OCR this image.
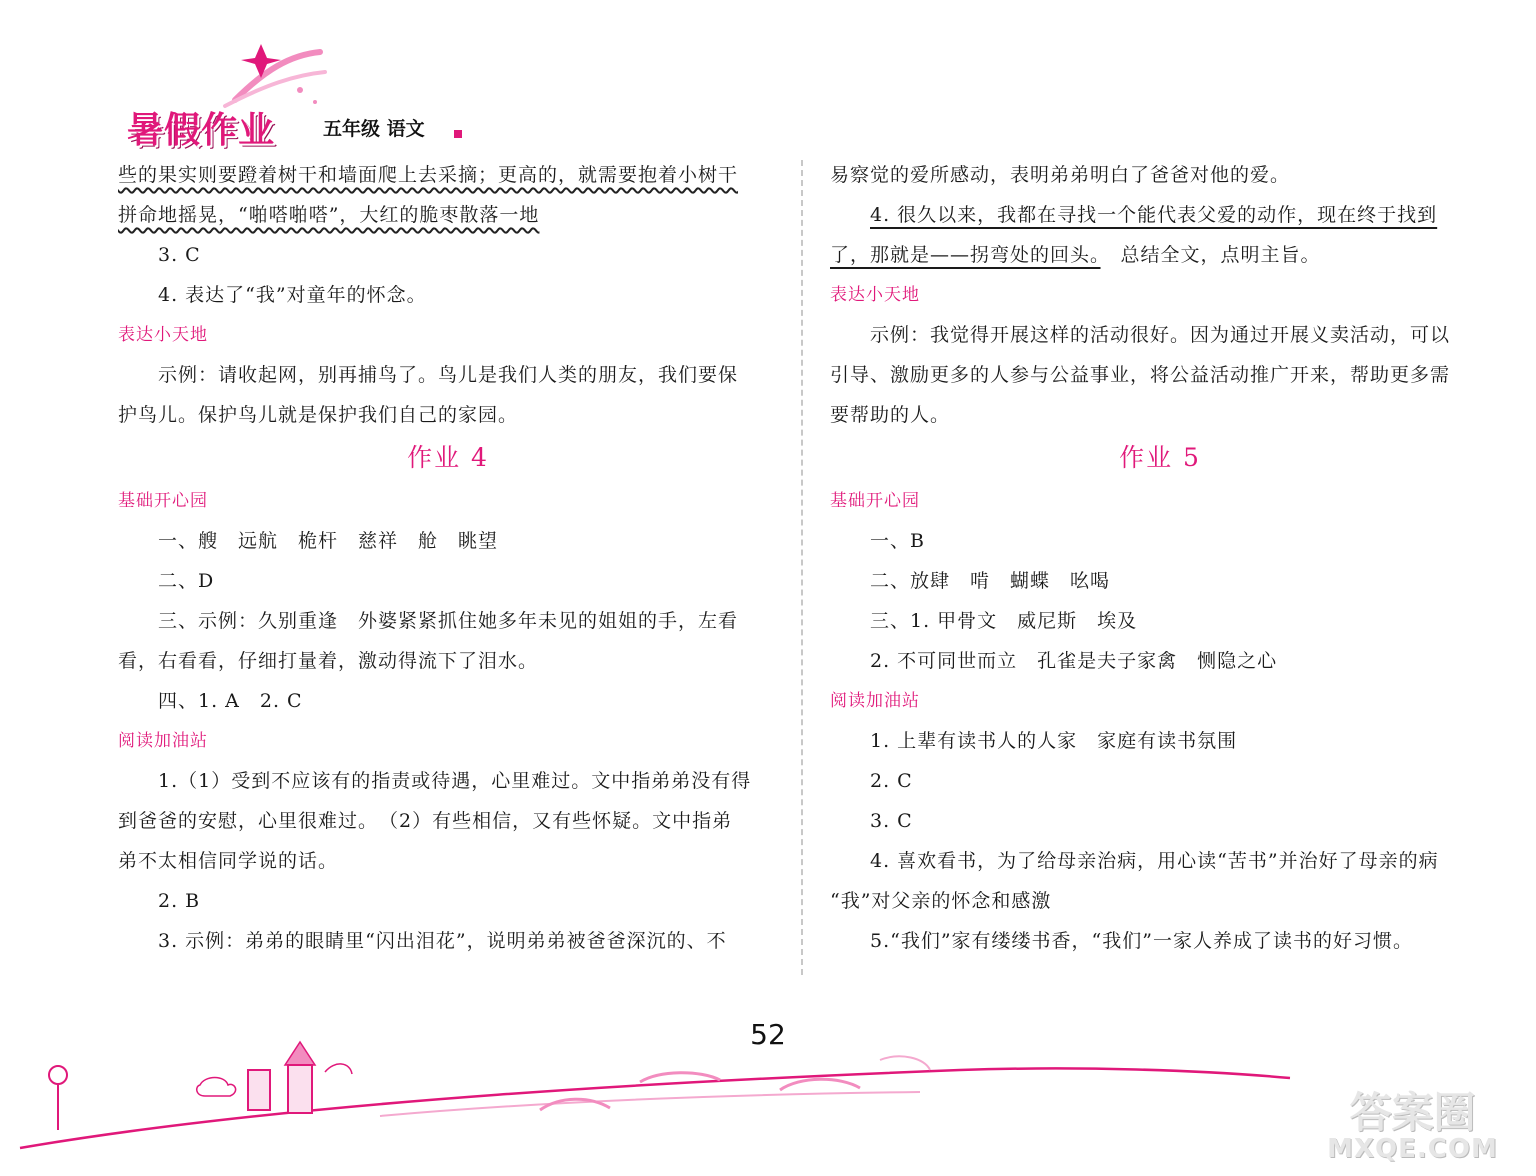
暑假作业	五年级 语文
些的果实则要蹬着树干和墙面爬上去采摘；更高的，就需要抱着小树干
拼命地摇晃，“啪嗒啪嗒”，大红的脆枣散落一地
3. C
4. 表达了“我”对童年的怀念。
表达小天地
示例：请收起网，别再捕鸟了。鸟儿是我们人类的朋友，我们要保
护鸟儿。保护鸟儿就是保护我们自己的家园。
作业 4
基础开心园
一、艘　远航　桅杆　慈祥　舱　眺望
二、D
三、示例：久别重逢　外婆紧紧抓住她多年未见的姐姐的手，左看
看，右看看，仔细打量着，激动得流下了泪水。
四、1. A　2. C
阅读加油站
1.（1）受到不应该有的指责或待遇，心里难过。文中指弟弟没有得
到爸爸的安慰，心里很难过。　（2）有些相信，又有些怀疑。文中指弟
弟不太相信同学说的话。
2. B
3. 示例：弟弟的眼睛里“闪出泪花”，说明弟弟被爸爸深沉的、不
易察觉的爱所感动，表明弟弟明白了爸爸对他的爱。
4. 很久以来，我都在寻找一个能代表父爱的动作，现在终于找到
了，那就是——拐弯处的回头。　 总结全文，点明主旨。
表达小天地
示例：我觉得开展这样的活动很好。因为通过开展义卖活动，可以
引导、激励更多的人参与公益事业，将公益活动推广开来，帮助更多需
要帮助的人。
作业 5
基础开心园
一、B
二、放肆　啃　蝴蝶　吆喝
三、1. 甲骨文　威尼斯　埃及
2. 不可同世而立　孔雀是夫子家禽　恻隐之心
阅读加油站
1. 上辈有读书人的人家　家庭有读书氛围
2. C
3. C
4. 喜欢看书，为了给母亲治病，用心读“苦书”并治好了母亲的病
“我”对父亲的怀念和感激
5.“我们”家有缕缕书香，“我们”一家人养成了读书的好习惯。
52
答案圈
MXQE.COM
